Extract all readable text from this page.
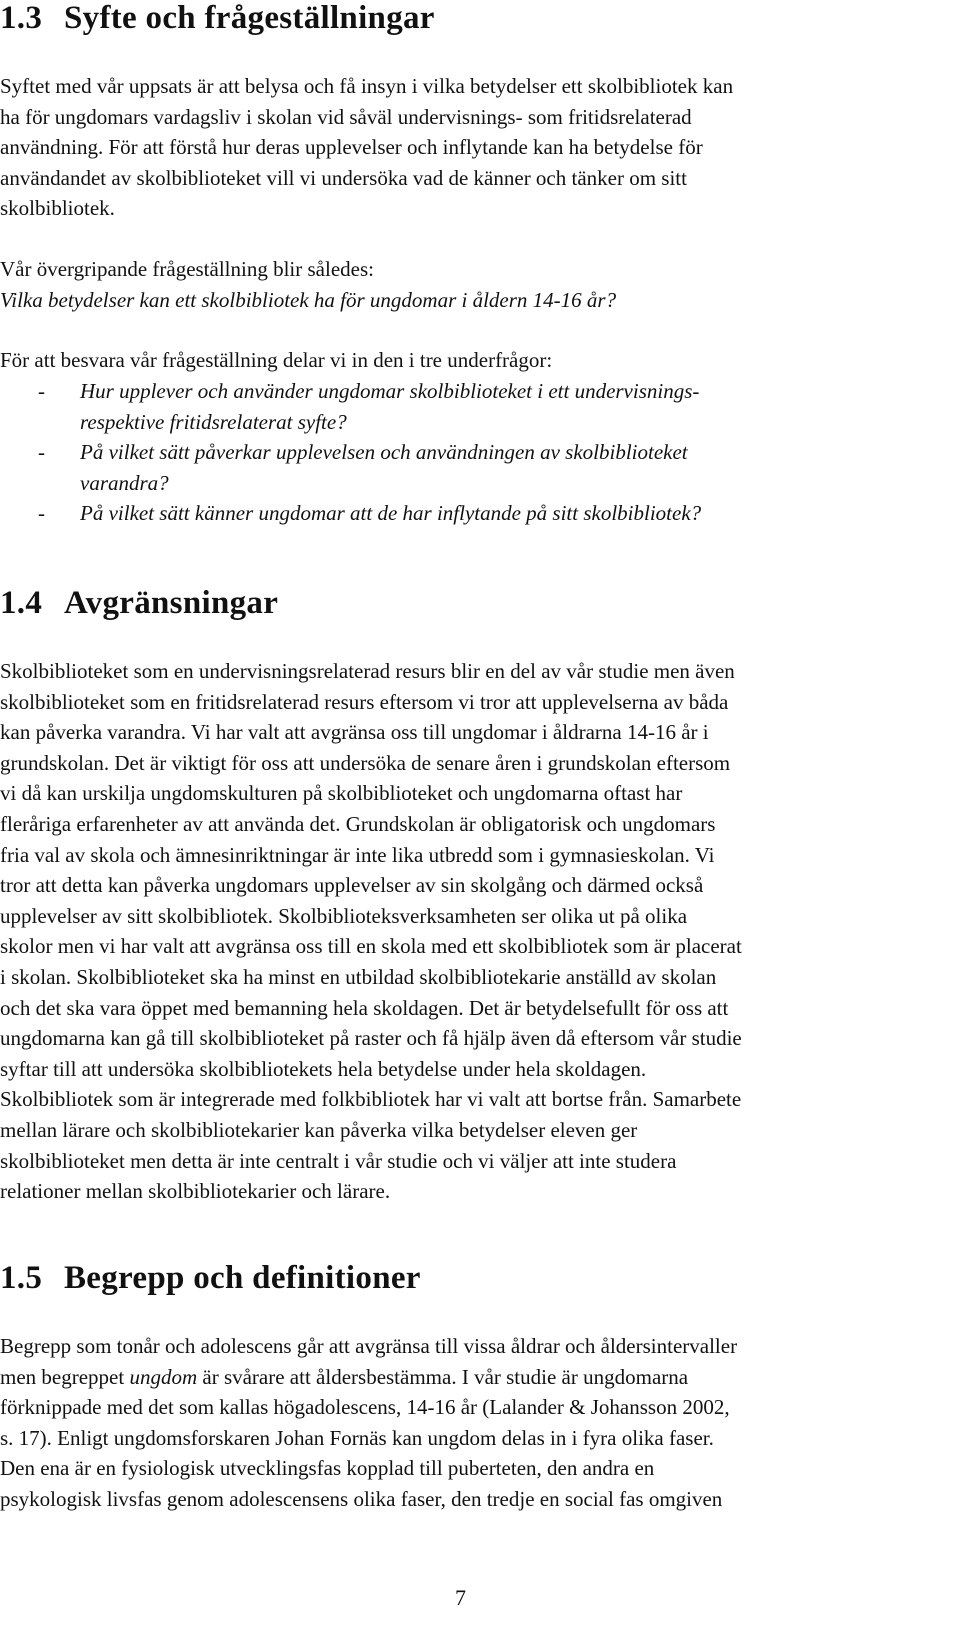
1.3 Syfte och frågeställningar
Syftet med vår uppsats är att belysa och få insyn i vilka betydelser ett skolbibliotek kan
ha för ungdomars vardagsliv i skolan vid såväl undervisnings- som fritidsrelaterad
användning. För att förstå hur deras upplevelser och inflytande kan ha betydelse för
användandet av skolbiblioteket vill vi undersöka vad de känner och tänker om sitt
skolbibliotek.
Vår övergripande frågeställning blir således:
Vilka betydelser kan ett skolbibliotek ha för ungdomar i åldern 14-16 år?
För att besvara vår frågeställning delar vi in den i tre underfrågor:
- Hur upplever och använder ungdomar skolbiblioteket i ett undervisnings-
respektive fritidsrelaterat syfte?
- På vilket sätt påverkar upplevelsen och användningen av skolbiblioteket
varandra?
- På vilket sätt känner ungdomar att de har inflytande på sitt skolbibliotek?
1.4 Avgränsningar
Skolbiblioteket som en undervisningsrelaterad resurs blir en del av vår studie men även
skolbiblioteket som en fritidsrelaterad resurs eftersom vi tror att upplevelserna av båda
kan påverka varandra. Vi har valt att avgränsa oss till ungdomar i åldrarna 14-16 år i
grundskolan. Det är viktigt för oss att undersöka de senare åren i grundskolan eftersom
vi då kan urskilja ungdomskulturen på skolbiblioteket och ungdomarna oftast har
fleråriga erfarenheter av att använda det. Grundskolan är obligatorisk och ungdomars
fria val av skola och ämnesinriktningar är inte lika utbredd som i gymnasieskolan. Vi
tror att detta kan påverka ungdomars upplevelser av sin skolgång och därmed också
upplevelser av sitt skolbibliotek. Skolbiblioteksverksamheten ser olika ut på olika
skolor men vi har valt att avgränsa oss till en skola med ett skolbibliotek som är placerat
i skolan. Skolbiblioteket ska ha minst en utbildad skolbibliotekarie anställd av skolan
och det ska vara öppet med bemanning hela skoldagen. Det är betydelsefullt för oss att
ungdomarna kan gå till skolbiblioteket på raster och få hjälp även då eftersom vår studie
syftar till att undersöka skolbibliotekets hela betydelse under hela skoldagen.
Skolbibliotek som är integrerade med folkbibliotek har vi valt att bortse från. Samarbete
mellan lärare och skolbibliotekarier kan påverka vilka betydelser eleven ger
skolbiblioteket men detta är inte centralt i vår studie och vi väljer att inte studera
relationer mellan skolbibliotekarier och lärare.
1.5 Begrepp och definitioner
Begrepp som tonår och adolescens går att avgränsa till vissa åldrar och åldersintervaller
men begreppet ungdom är svårare att åldersbestämma. I vår studie är ungdomarna
förknippade med det som kallas högadolescens, 14-16 år (Lalander & Johansson 2002,
s. 17). Enligt ungdomsforskaren Johan Fornäs kan ungdom delas in i fyra olika faser.
Den ena är en fysiologisk utvecklingsfas kopplad till puberteten, den andra en
psykologisk livsfas genom adolescensens olika faser, den tredje en social fas omgiven
7
